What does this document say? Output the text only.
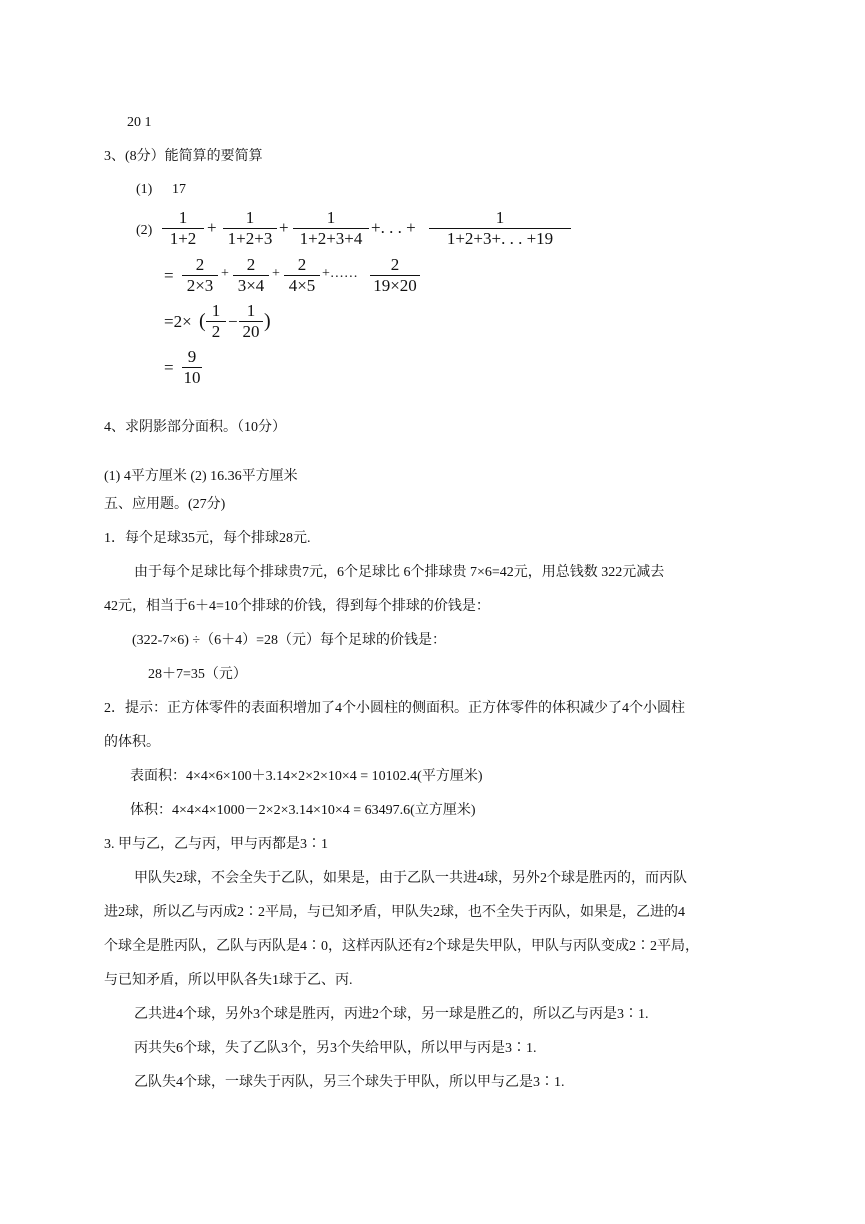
20 1
3、(8分）能简算的要简算
(1) 17
(2)
1
1+2
+
1
1+2+3
+
1
1+2+3+4
+. . . +
1
1+2+3+. . . +19
=
2
2×3
+	2
3×4
+	2
4×5
+……	2
19×20
=2× ( 1
2
−
1
20 )
=
9
10
4、求阴影部分面积。（10分）
(1) 4平方厘米 (2) 16.36平方厘米
五、应用题。(27分)
1．每个足球35元，每个排球28元.
由于每个足球比每个排球贵7元，6个足球比 6个排球贵 7×6=42元，用总钱数 322元减去
42元，相当于6＋4=10个排球的价钱，得到每个排球的价钱是：
(322-7×6) ÷（6＋4）=28（元）每个足球的价钱是：
28＋7=35（元）
2．提示：正方体零件的表面积增加了4个小圆柱的侧面积。正方体零件的体积减少了4个小圆柱
的体积。
表面积：4×4×6×100＋3.14×2×2×10×4 = 10102.4(平方厘米)
体积：4×4×4×1000－2×2×3.14×10×4 = 63497.6(立方厘米)
3. 甲与乙，乙与丙，甲与丙都是3∶1
甲队失2球，不会全失于乙队，如果是，由于乙队一共进4球，另外2个球是胜丙的，而丙队
进2球，所以乙与丙成2∶2平局，与已知矛盾，甲队失2球，也不全失于丙队，如果是，乙进的4
个球全是胜丙队，乙队与丙队是4∶0，这样丙队还有2个球是失甲队，甲队与丙队变成2∶2平局，
与已知矛盾，所以甲队各失1球于乙、丙.
乙共进4个球，另外3个球是胜丙，丙进2个球，另一球是胜乙的，所以乙与丙是3∶1.
丙共失6个球，失了乙队3个，另3个失给甲队，所以甲与丙是3∶1.
乙队失4个球，一球失于丙队，另三个球失于甲队，所以甲与乙是3∶1.
